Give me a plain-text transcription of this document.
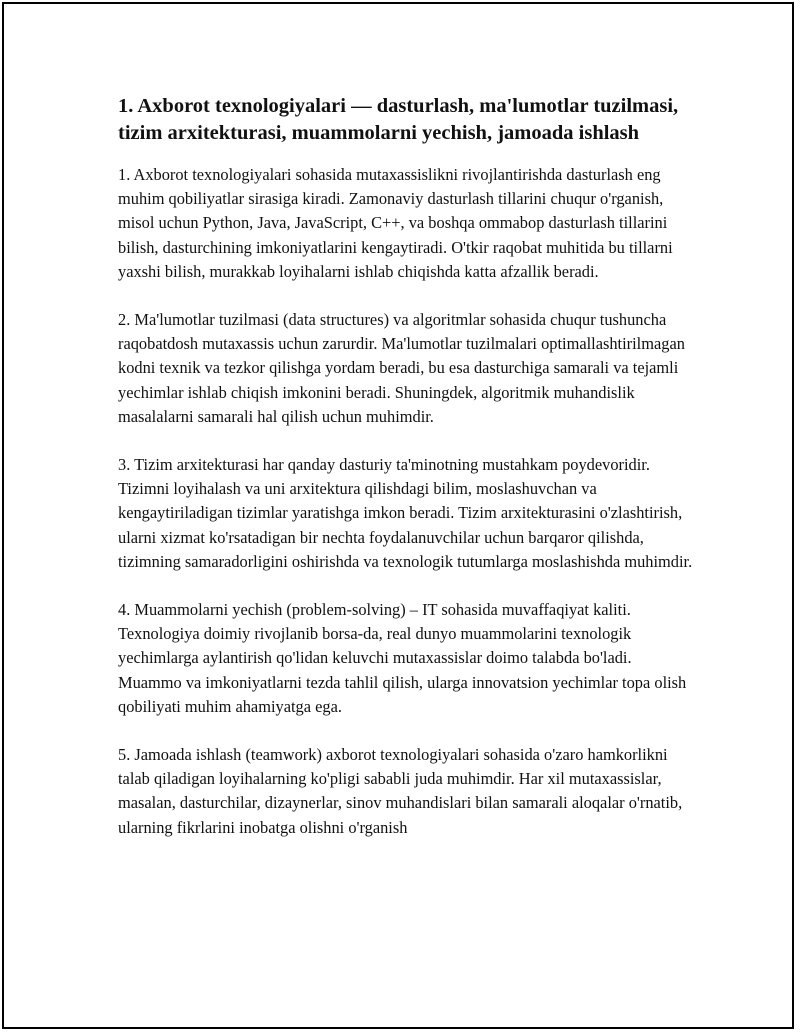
1. Axborot texnologiyalari — dasturlash, ma'lumotlar tuzilmasi, tizim arxitekturasi, muammolarni yechish, jamoada ishlash

1. Axborot texnologiyalari sohasida mutaxassislikni rivojlantirishda dasturlash eng muhim qobiliyatlar sirasiga kiradi. Zamonaviy dasturlash tillarini chuqur o'rganish, misol uchun Python, Java, JavaScript, C++, va boshqa ommabop dasturlash tillarini bilish, dasturchining imkoniyatlarini kengaytiradi. O'tkir raqobat muhitida bu tillarni yaxshi bilish, murakkab loyihalarni ishlab chiqishda katta afzallik beradi.

2. Ma'lumotlar tuzilmasi (data structures) va algoritmlar sohasida chuqur tushuncha raqobatdosh mutaxassis uchun zarurdir. Ma'lumotlar tuzilmalari optimallashtirilmagan kodni texnik va tezkor qilishga yordam beradi, bu esa dasturchiga samarali va tejamli yechimlar ishlab chiqish imkonini beradi. Shuningdek, algoritmik muhandislik masalalarni samarali hal qilish uchun muhimdir.

3. Tizim arxitekturasi har qanday dasturiy ta'minotning mustahkam poydevoridir. Tizimni loyihalash va uni arxitektura qilishdagi bilim, moslashuvchan va kengaytiriladigan tizimlar yaratishga imkon beradi. Tizim arxitekturasini o'zlashtirish, ularni xizmat ko'rsatadigan bir nechta foydalanuvchilar uchun barqaror qilishda, tizimning samaradorligini oshirishda va texnologik tutumlarga moslashishda muhimdir.

4. Muammolarni yechish (problem-solving) – IT sohasida muvaffaqiyat kaliti. Texnologiya doimiy rivojlanib borsa-da, real dunyo muammolarini texnologik yechimlarga aylantirish qo'lidan keluvchi mutaxassislar doimo talabda bo'ladi. Muammo va imkoniyatlarni tezda tahlil qilish, ularga innovatsion yechimlar topa olish qobiliyati muhim ahamiyatga ega.

5. Jamoada ishlash (teamwork) axborot texnologiyalari sohasida o'zaro hamkorlikni talab qiladigan loyihalarning ko'pligi sababli juda muhimdir. Har xil mutaxassislar, masalan, dasturchilar, dizaynerlar, sinov muhandislari bilan samarali aloqalar o'rnatib, ularning fikrlarini inobatga olishni o'rganish
